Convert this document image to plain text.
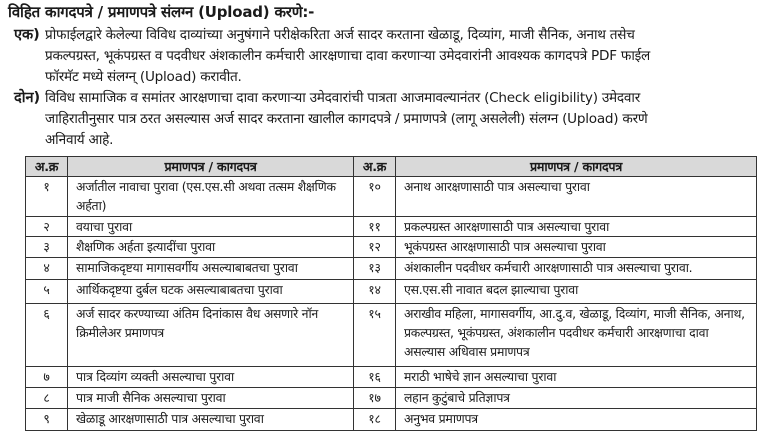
विहित कागदपत्रे / प्रमाणपत्रे संलग्न (Upload) करणे:-
एक) प्रोफाईलद्वारे केलेल्या विविध दाव्यांच्या अनुषंगाने परीक्षेकरिता अर्ज सादर करताना खेळाडू, दिव्यांग, माजी सैनिक, अनाथ तसेच
प्रकल्पग्रस्त, भूकंपग्रस्त व पदवीधर अंशकालीन कर्मचारी आरक्षणाचा दावा करणाऱ्या उमेदवारांनी आवश्यक कागदपत्रे PDF फाईल
फॉरमॅट मध्ये संलग्न् (Upload) करावीत.
दोन) विविध सामाजिक व समांतर आरक्षणाचा दावा करणाऱ्या उमेदवारांची पात्रता आजमावल्यानंतर (Check eligibility) उमेदवार
जाहिरातीनुसार पात्र ठरत असल्यास अर्ज सादर करताना खालील कागदपत्रे / प्रमाणपत्रे (लागू असलेली) संलग्न (Upload) करणे
अनिवार्य आहे.
अ.क्र	प्रमाणपत्र / कागदपत्र	अ.क्र	प्रमाणपत्र / कागदपत्र
१	अर्जातील नावाचा पुरावा (एस.एस.सी अथवा तत्सम शैक्षणिक अर्हता)	१०	अनाथ आरक्षणासाठी पात्र असल्याचा पुरावा
२	वयाचा पुरावा	११	प्रकल्पग्रस्त आरक्षणासाठी पात्र असल्याचा पुरावा
३	शैक्षणिक अर्हता इत्यादींचा पुरावा	१२	भूकंपग्रस्त आरक्षणासाठी पात्र असल्याचा पुरावा
४	सामाजिकदृष्टया मागासवर्गीय असल्याबाबतचा पुरावा	१३	अंशकालीन पदवीधर कर्मचारी आरक्षणासाठी पात्र असल्याचा पुरावा.
५	आर्थिकदृष्टया दुर्बल घटक असल्याबाबतचा पुरावा	१४	एस.एस.सी नावात बदल झाल्याचा पुरावा
६	अर्ज सादर करण्याच्या अंतिम दिनांकास वैध असणारे नॉन क्रिमीलेअर प्रमाणपत्र	१५	अराखीव महिला, मागासवर्गीय, आ.दु.व, खेळाडू, दिव्यांग, माजी सैनिक, अनाथ, प्रकल्पग्रस्त, भूकंपग्रस्त, अंशकालीन पदवीधर कर्मचारी आरक्षणाचा दावा असल्यास अधिवास प्रमाणपत्र
७	पात्र दिव्यांग व्यक्ती असल्याचा पुरावा	१६	मराठी भाषेचे ज्ञान असल्याचा पुरावा
८	पात्र माजी सैनिक असल्याचा पुरावा	१७	लहान कुटुंबाचे प्रतिज्ञापत्र
९	खेळाडू आरक्षणासाठी पात्र असल्याचा पुरावा	१८	अनुभव प्रमाणपत्र
